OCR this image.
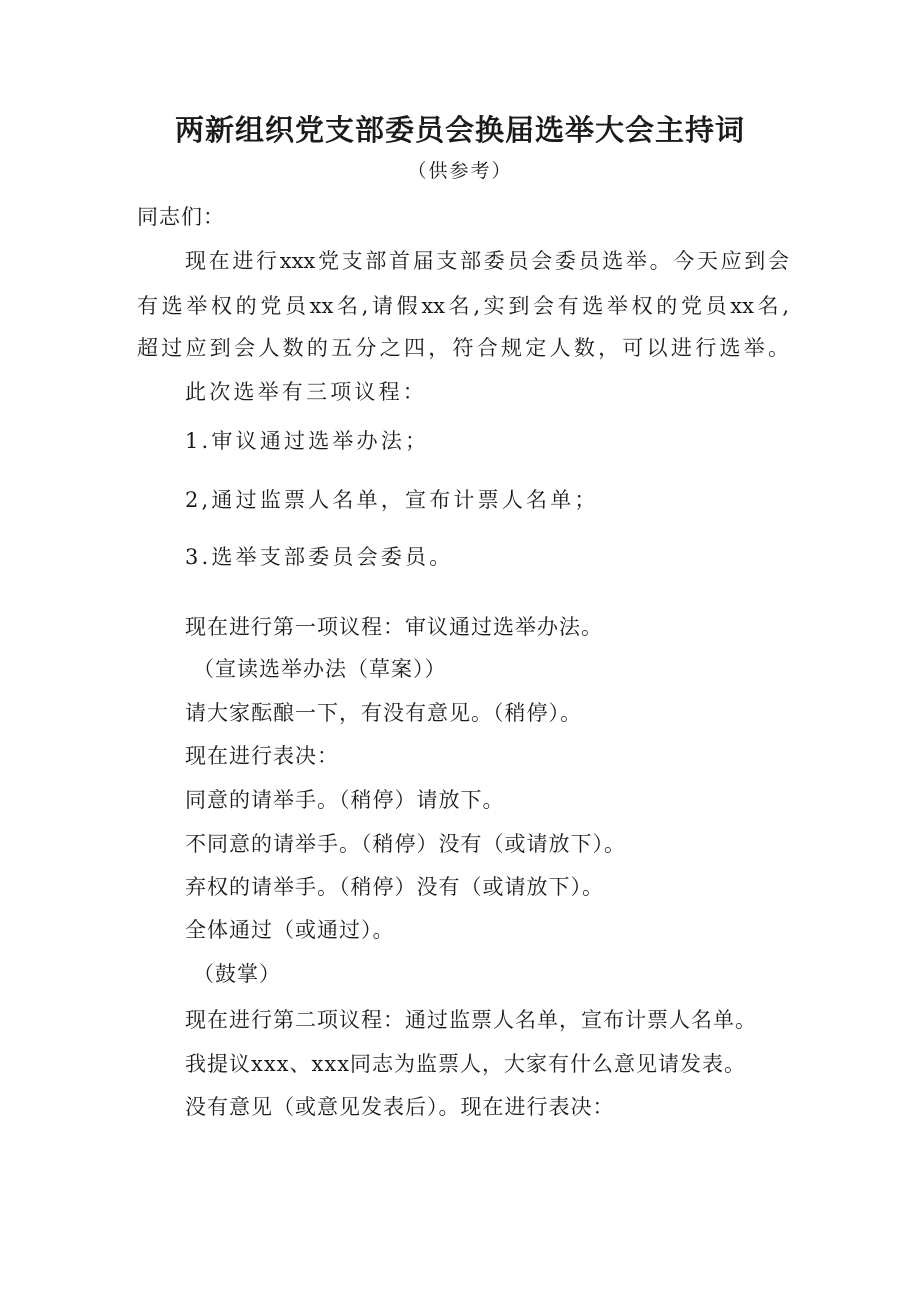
两新组织党支部委员会换届选举大会主持词
（供参考）
同志们：
现在进行xxx党支部首届支部委员会委员选举。今天应到会
有选举权的党员xx名,请假xx名,实到会有选举权的党员xx名,
超过应到会人数的五分之四，符合规定人数，可以进行选举。
此次选举有三项议程：
1.审议通过选举办法；
2,通过监票人名单，宣布计票人名单；
3.选举支部委员会委员。
现在进行第一项议程：审议通过选举办法。
（宣读选举办法（草案））
请大家酝酿一下，有没有意见。（稍停）。
现在进行表决：
同意的请举手。（稍停）请放下。
不同意的请举手。（稍停）没有（或请放下）。
弃权的请举手。（稍停）没有（或请放下）。
全体通过（或通过）。
（鼓掌）
现在进行第二项议程：通过监票人名单，宣布计票人名单。
我提议xxx、xxx同志为监票人，大家有什么意见请发表。
没有意见（或意见发表后）。现在进行表决：
